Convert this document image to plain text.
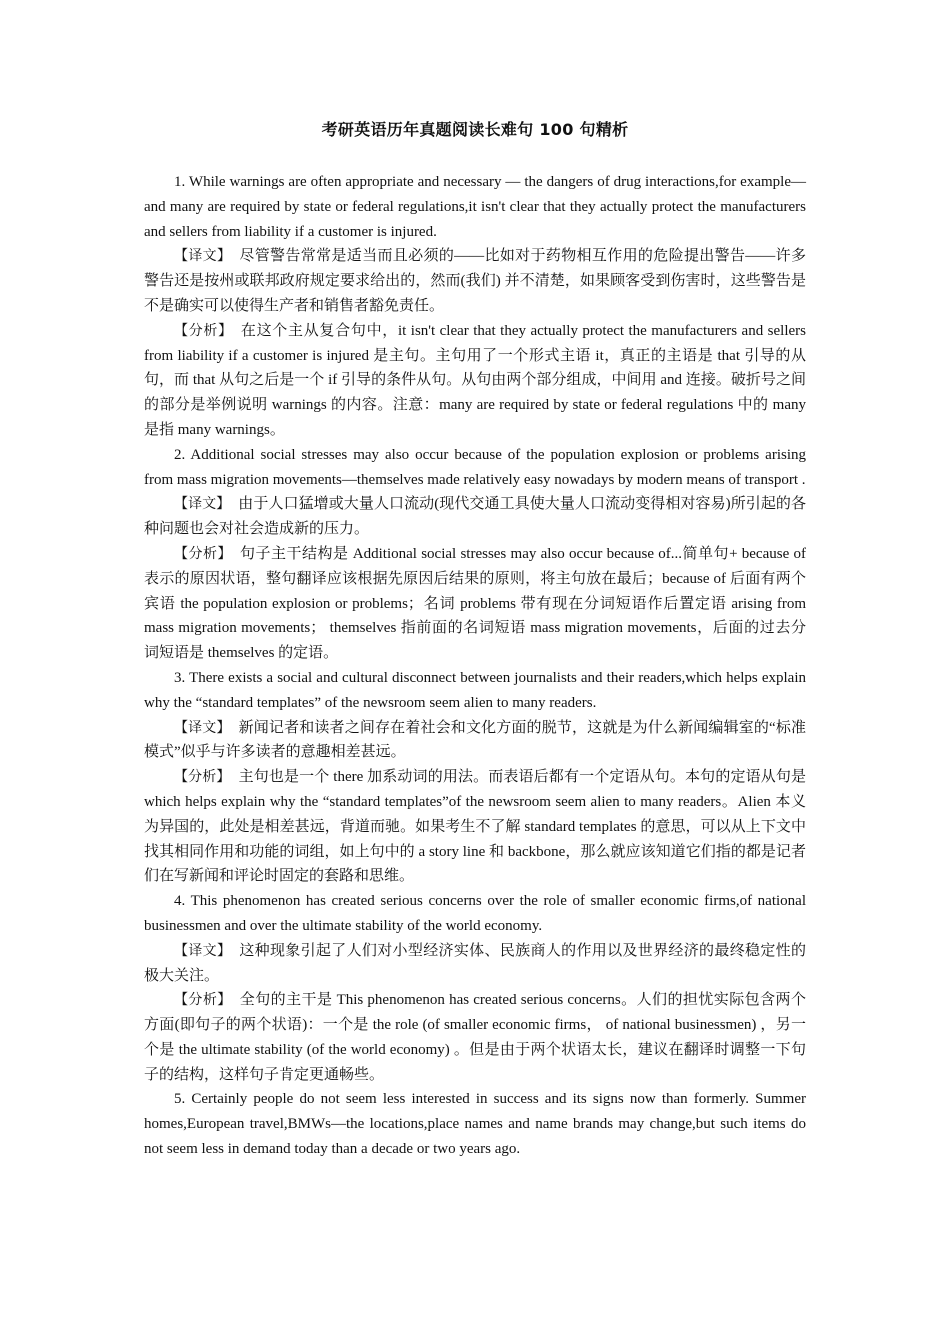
考研英语历年真题阅读长难句 100 句精析

1. While warnings are often appropriate and necessary — the dangers of drug interactions,for example—and many are required by state or federal regulations,it isn't clear that they actually protect the manufacturers and sellers from liability if a customer is injured.

【译文】 尽管警告常常是适当而且必须的——比如对于药物相互作用的危险提出警告——许多警告还是按州或联邦政府规定要求给出的，然而(我们) 并不清楚，如果顾客受到伤害时，这些警告是不是确实可以使得生产者和销售者豁免责任。

【分析】 在这个主从复合句中，it isn't clear that they actually protect the manufacturers and sellers from liability if a customer is injured 是主句。主句用了一个形式主语 it，真正的主语是 that 引导的从句，而 that 从句之后是一个 if 引导的条件从句。从句由两个部分组成，中间用 and 连接。破折号之间的部分是举例说明 warnings 的内容。注意：many are required by state or federal regulations 中的 many 是指 many warnings。

2. Additional social stresses may also occur because of the population explosion or problems arising from mass migration movements—themselves made relatively easy nowadays by modern means of transport .

【译文】 由于人口猛增或大量人口流动(现代交通工具使大量人口流动变得相对容易)所引起的各种问题也会对社会造成新的压力。

【分析】 句子主干结构是 Additional social stresses may also occur because of...简单句+ because of 表示的原因状语，整句翻译应该根据先原因后结果的原则，将主句放在最后；because of 后面有两个宾语 the population explosion or problems；名词 problems 带有现在分词短语作后置定语 arising from mass migration movements； themselves 指前面的名词短语 mass migration movements，后面的过去分词短语是 themselves 的定语。

3. There exists a social and cultural disconnect between journalists and their readers,which helps explain why the “standard templates” of the newsroom seem alien to many readers.

【译文】 新闻记者和读者之间存在着社会和文化方面的脱节，这就是为什么新闻编辑室的“标准模式”似乎与许多读者的意趣相差甚远。

【分析】 主句也是一个 there 加系动词的用法。而表语后都有一个定语从句。本句的定语从句是 which helps explain why the “standard templates”of the newsroom seem alien to many readers。Alien 本义为异国的，此处是相差甚远，背道而驰。如果考生不了解 standard templates 的意思，可以从上下文中找其相同作用和功能的词组，如上句中的 a story line 和 backbone，那么就应该知道它们指的都是记者们在写新闻和评论时固定的套路和思维。

4. This phenomenon has created serious concerns over the role of smaller economic firms,of national businessmen and over the ultimate stability of the world economy.

【译文】 这种现象引起了人们对小型经济实体、民族商人的作用以及世界经济的最终稳定性的极大关注。

【分析】 全句的主干是 This phenomenon has created serious concerns。人们的担忧实际包含两个方面(即句子的两个状语)：一个是 the role (of smaller economic firms， of national businessmen) ，另一个是 the ultimate stability (of the world economy) 。但是由于两个状语太长，建议在翻译时调整一下句子的结构，这样句子肯定更通畅些。

5. Certainly people do not seem less interested in success and its signs now than formerly. Summer homes,European travel,BMWs—the locations,place names and name brands may change,but such items do not seem less in demand today than a decade or two years ago.
